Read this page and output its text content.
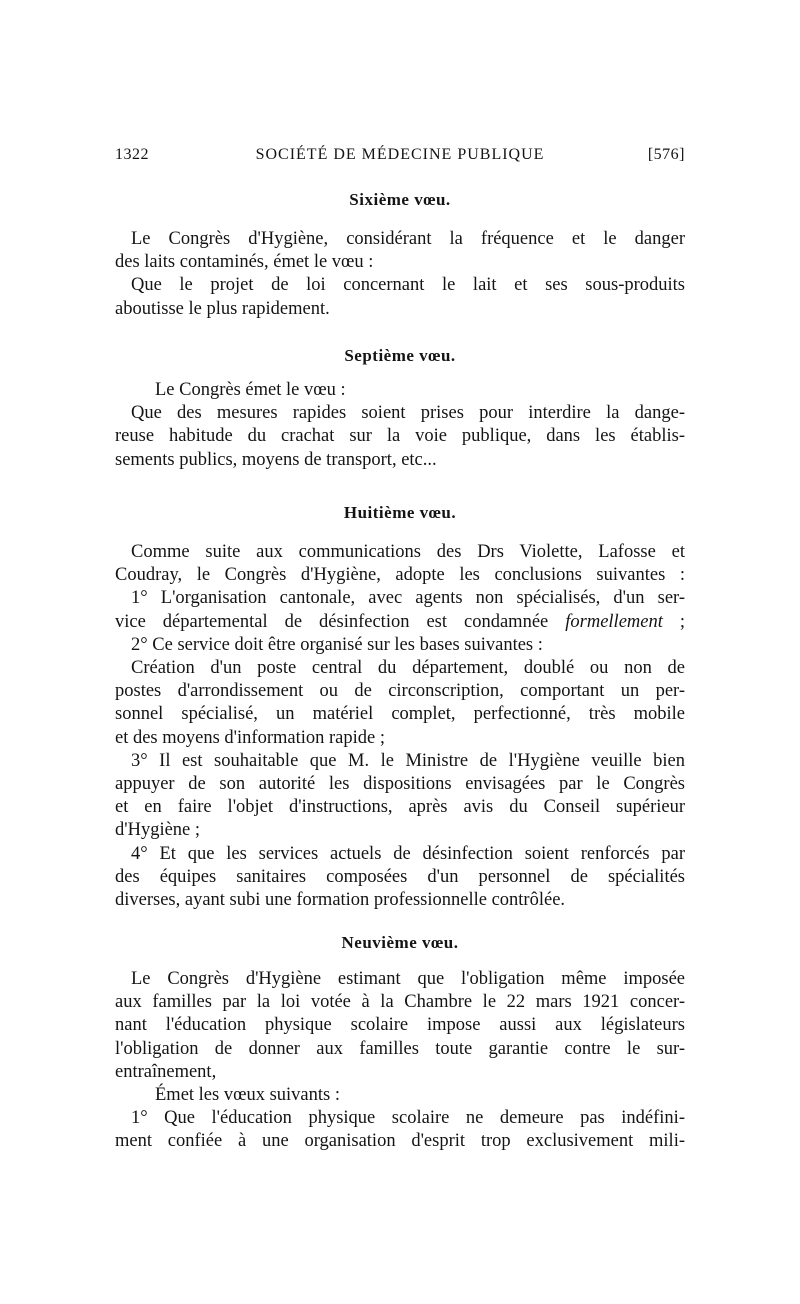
1322	SOCIÉTÉ DE MÉDECINE PUBLIQUE	[576]
Sixième vœu.

Le Congrès d'Hygiène, considérant la fréquence et le danger

des laits contaminés, émet le vœu :

Que le projet de loi concernant le lait et ses sous-produits

aboutisse le plus rapidement.

Septième vœu.

Le Congrès émet le vœu :

Que des mesures rapides soient prises pour interdire la dange-

reuse habitude du crachat sur la voie publique, dans les établis-

sements publics, moyens de transport, etc...

Huitième vœu.

Comme suite aux communications des Drs Violette, Lafosse et

Coudray, le Congrès d'Hygiène, adopte les conclusions suivantes :

1° L'organisation cantonale, avec agents non spécialisés, d'un ser-

vice départemental de désinfection est condamnée formellement ;

2° Ce service doit être organisé sur les bases suivantes :

Création d'un poste central du département, doublé ou non de

postes d'arrondissement ou de circonscription, comportant un per-

sonnel spécialisé, un matériel complet, perfectionné, très mobile

et des moyens d'information rapide ;

3° Il est souhaitable que M. le Ministre de l'Hygiène veuille bien

appuyer de son autorité les dispositions envisagées par le Congrès

et en faire l'objet d'instructions, après avis du Conseil supérieur

d'Hygiène ;

4° Et que les services actuels de désinfection soient renforcés par

des équipes sanitaires composées d'un personnel de spécialités

diverses, ayant subi une formation professionnelle contrôlée.

Neuvième vœu.

Le Congrès d'Hygiène estimant que l'obligation même imposée

aux familles par la loi votée à la Chambre le 22 mars 1921 concer-

nant l'éducation physique scolaire impose aussi aux législateurs

l'obligation de donner aux familles toute garantie contre le sur-

entraînement,

Émet les vœux suivants :

1° Que l'éducation physique scolaire ne demeure pas indéfini-

ment confiée à une organisation d'esprit trop exclusivement mili-
